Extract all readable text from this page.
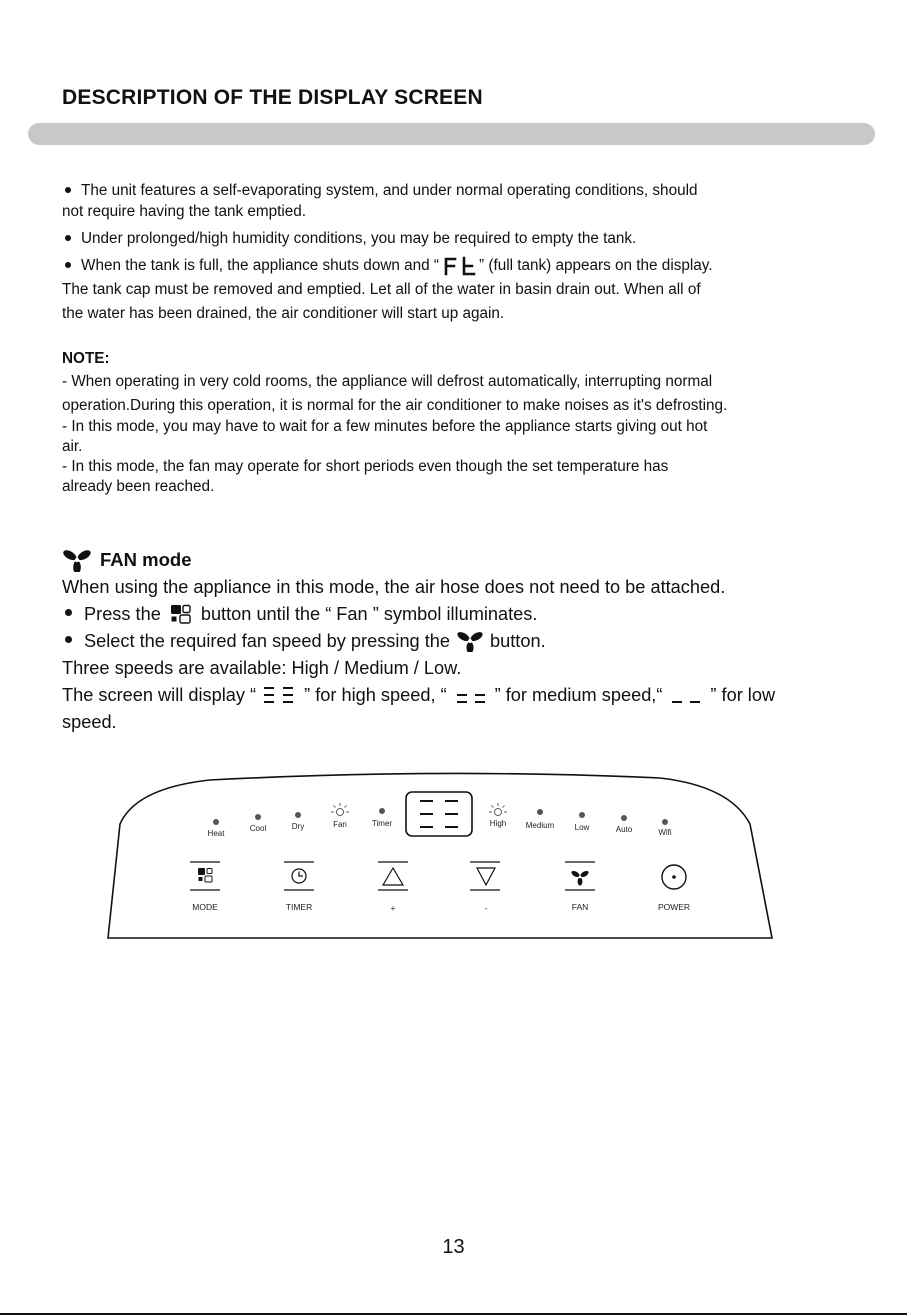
DESCRIPTION OF THE DISPLAY SCREEN
The unit features a self-evaporating system, and under normal operating conditions, should
not require having the tank emptied.
Under prolonged/high humidity conditions, you may be required to empty the tank.
When the tank is full, the appliance shuts down and “	” (full tank) appears on the display.
The tank cap must be removed and emptied. Let all of the water in basin drain out. When all of
the water has been drained, the air conditioner will start up again.
NOTE:
- When operating in very cold rooms, the appliance will defrost automatically, interrupting normal
operation.During this operation, it is normal for the air conditioner to make noises as it's defrosting.
- In this mode, you may have to wait for a few minutes before the appliance starts giving out hot
air.
- In this mode, the fan may operate for short periods even though the set temperature has
already been reached.
FAN mode
When using the appliance in this mode, the air hose does not need to be attached.
Press the button until the “ Fan ” symbol illuminates.
Select the required fan speed by pressing the button.
Three speeds are available: High / Medium / Low.
The screen will display “	” for high speed, “	” for medium speed,“	” for low
speed.
Heat
Cool	Dry	Fan	Timer	High Medium	Low	Auto	Wifi
MODE	TIMER	+	-	FAN	POWER
13
